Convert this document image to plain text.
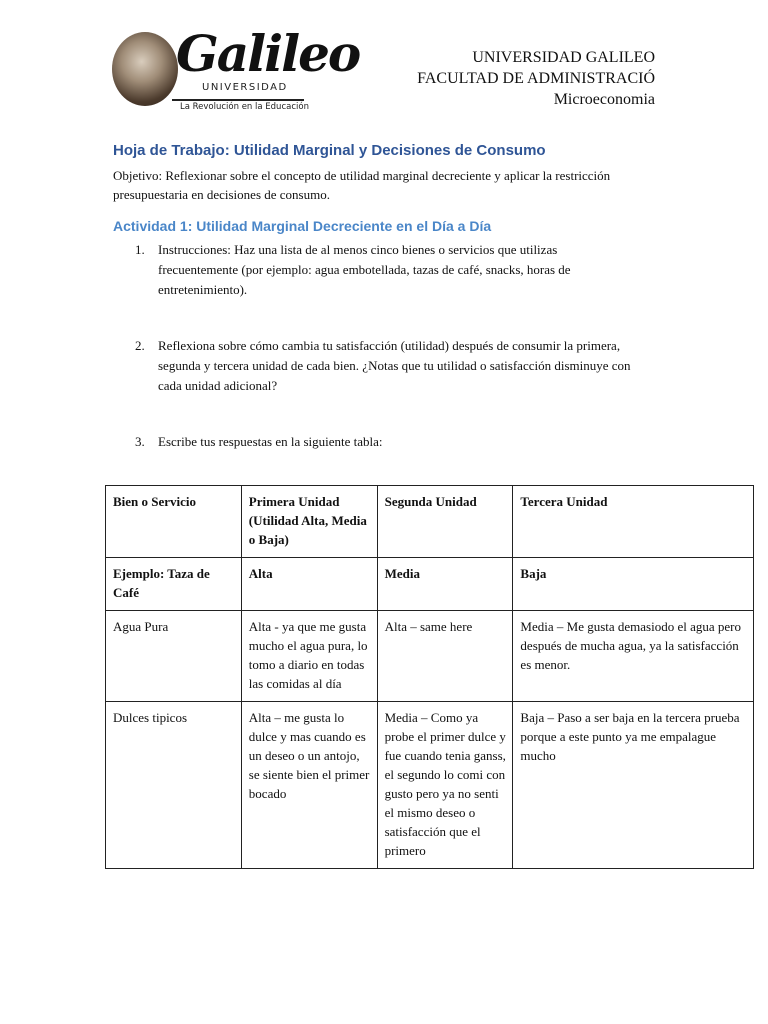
Galileo
UNIVERSIDAD
La Revolución en la Educación
UNIVERSIDAD GALILEO
FACULTAD DE ADMINISTRACIÓ
Microeconomia
Hoja de Trabajo: Utilidad Marginal y Decisiones de Consumo
Objetivo: Reflexionar sobre el concepto de utilidad marginal decreciente y aplicar la restricción presupuestaria en decisiones de consumo.
Actividad 1: Utilidad Marginal Decreciente en el Día a Día
1.	Instrucciones: Haz una lista de al menos cinco bienes o servicios que utilizas frecuentemente (por ejemplo: agua embotellada, tazas de café, snacks, horas de entretenimiento).
2.	Reflexiona sobre cómo cambia tu satisfacción (utilidad) después de consumir la primera, segunda y tercera unidad de cada bien. ¿Notas que tu utilidad o satisfacción disminuye con cada unidad adicional?
3.	Escribe tus respuestas en la siguiente tabla:
Bien o Servicio	Primera Unidad (Utilidad Alta, Media o Baja)	Segunda Unidad	Tercera Unidad
Ejemplo: Taza de Café	Alta	Media	Baja
Agua Pura	Alta - ya que me gusta mucho el agua pura, lo tomo a diario en todas las comidas al día	Alta – same here	Media – Me gusta demasiodo el agua pero después de mucha agua, ya la satisfacción es menor.
Dulces tipicos	Alta – me gusta lo dulce y mas cuando es un deseo o un antojo, se siente bien el primer bocado	Media – Como ya probe el primer dulce y fue cuando tenia ganss, el segundo lo comi con gusto pero ya no senti el mismo deseo o satisfacción que el primero	Baja – Paso a ser baja en la tercera prueba porque a este punto ya me empalague mucho
